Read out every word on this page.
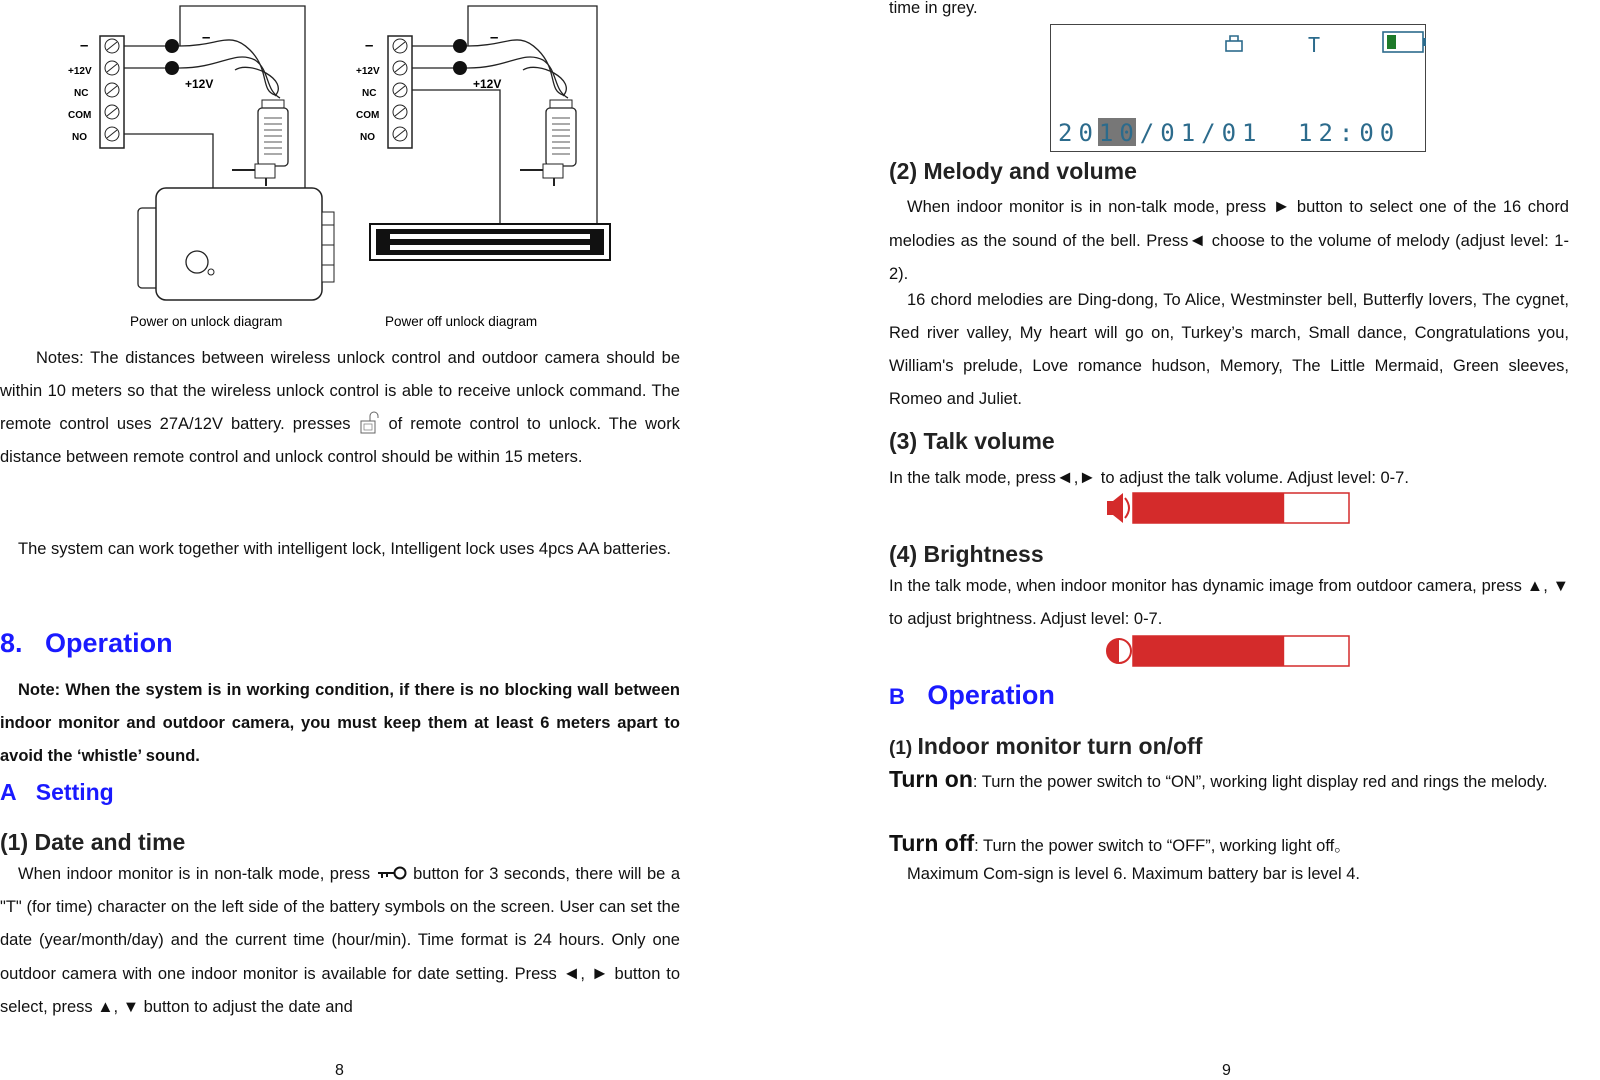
–
+12V
NC
COM
NO
–
+12V
Power on unlock diagram
–
+12V
NC
COM
NO
–
+12V
Power off unlock diagram

Notes: The distances between wireless unlock control and outdoor camera should be within 10 meters so that the wireless unlock control is able to receive unlock command. The remote control uses 27A/12V battery. presses  of remote control to unlock. The work distance between remote control and unlock control should be within 15 meters.

The system can work together with intelligent lock, Intelligent lock uses 4pcs AA batteries.

8. Operation

Note: When the system is in working condition, if there is no blocking wall between indoor monitor and outdoor camera, you must keep them at least 6 meters apart to avoid the ‘whistle’ sound.

A Setting
(1) Date and time

When indoor monitor is in non-talk mode, press  button for 3 seconds, there will be a "T" (for time) character on the left side of the battery symbols on the screen. User can set the date (year/month/day) and the current time (hour/min). Time format is 24 hours. Only one outdoor camera with one indoor monitor is available for date setting. Press ◄, ► button to select, press ▲, ▼ button to adjust the date and

8

time in grey.

T
2010/01/01 12:00
(2) Melody and volume

When indoor monitor is in non-talk mode, press ► button to select one of the 16 chord melodies as the sound of the bell. Press◄ choose to the volume of melody (adjust level: 1-2).

16 chord melodies are Ding-dong, To Alice, Westminster bell, Butterfly lovers, The cygnet, Red river valley, My heart will go on, Turkey’s march, Small dance, Congratulations you, William's prelude, Love romance hudson, Memory, The Little Mermaid, Green sleeves, Romeo and Juliet.

(3) Talk volume

In the talk mode, press◄,► to adjust the talk volume. Adjust level: 0-7.

(4) Brightness

In the talk mode, when indoor monitor has dynamic image from outdoor camera, press ▲, ▼ to adjust brightness. Adjust level: 0-7.

B Operation
(1) Indoor monitor turn on/off

Turn on: Turn the power switch to “ON”, working light display red and rings the melody.

Turn off: Turn the power switch to “OFF”, working light off。

Maximum Com-sign is level 6. Maximum battery bar is level 4.

9
